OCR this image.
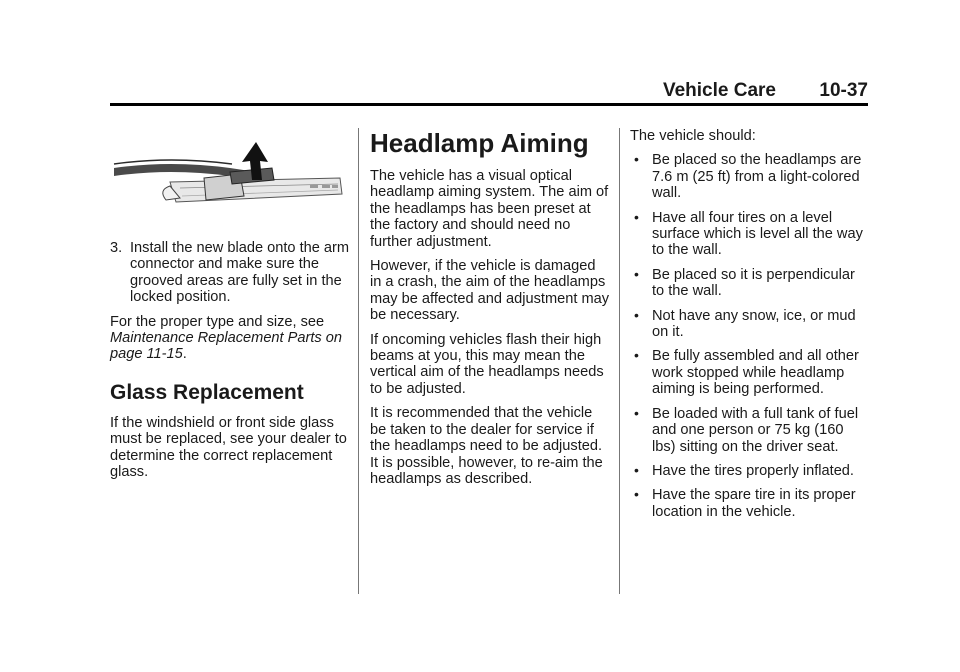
Vehicle Care 10-37
3. Install the new blade onto the arm connector and make sure the grooved areas are fully set in the locked position.

For the proper type and size, see Maintenance Replacement Parts on page 11-15.

Glass Replacement

If the windshield or front side glass must be replaced, see your dealer to determine the correct replacement glass.

Headlamp Aiming

The vehicle has a visual optical headlamp aiming system. The aim of the headlamps has been preset at the factory and should need no further adjustment.

However, if the vehicle is damaged in a crash, the aim of the headlamps may be affected and adjustment may be necessary.

If oncoming vehicles flash their high beams at you, this may mean the vertical aim of the headlamps needs to be adjusted.

It is recommended that the vehicle be taken to the dealer for service if the headlamps need to be adjusted. It is possible, however, to re-aim the headlamps as described.

The vehicle should:

• Be placed so the headlamps are 7.6 m (25 ft) from a light-colored wall.
• Have all four tires on a level surface which is level all the way to the wall.
• Be placed so it is perpendicular to the wall.
• Not have any snow, ice, or mud on it.
• Be fully assembled and all other work stopped while headlamp aiming is being performed.
• Be loaded with a full tank of fuel and one person or 75 kg (160 lbs) sitting on the driver seat.
• Have the tires properly inflated.
• Have the spare tire in its proper location in the vehicle.
